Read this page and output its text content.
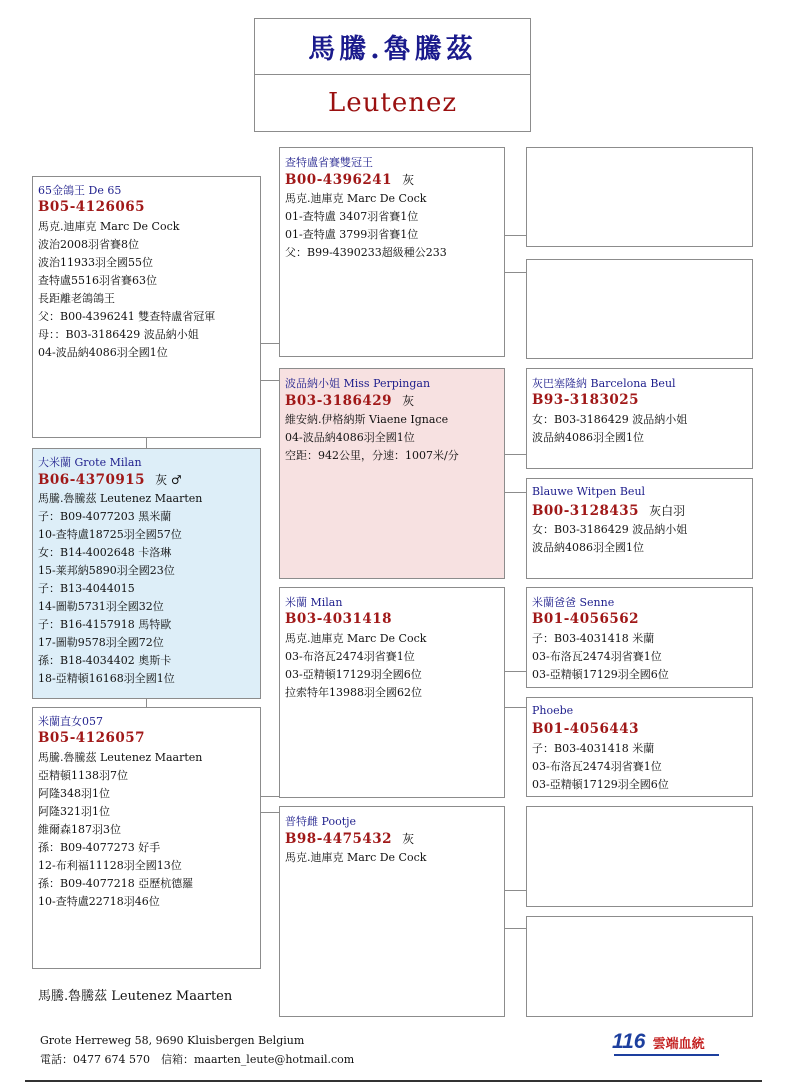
馬騰.魯騰茲
Leutenez
65金鴿王 De 65
B05-4126065
馬克.迪庫克 Marc De Cock
波治2008羽省賽8位
波治11933羽全國55位
查特盧5516羽省賽63位
長距離老鴿鴿王
父：B00-4396241 雙查特盧省冠軍
母：：B03-3186429 波品納小姐
04-波品納4086羽全國1位
大米蘭 Grote Milan
B06-4370915 灰 ♂
馬騰.魯騰茲 Leutenez Maarten
子：B09-4077203 黑米蘭
10-查特盧18725羽全國57位
女：B14-4002648 卡洛琳
15-莱邦納5890羽全國23位
子：B13-4044015
14-圖勒5731羽全國32位
子：B16-4157918 馬特歐
17-圖勒9578羽全國72位
孫：B18-4034402 奧斯卡
18-亞精頓16168羽全國1位
米蘭直女057
B05-4126057
馬騰.魯騰茲 Leutenez Maarten
亞精頓1138羽7位
阿隆348羽1位
阿隆321羽1位
維爾森187羽3位
孫：B09-4077273 好手
12-布利福11128羽全國13位
孫：B09-4077218 亞歷杭德羅
10-查特盧22718羽46位
馬騰.魯騰茲 Leutenez Maarten
查特盧省賽雙冠王
B00-4396241 灰
馬克.迪庫克 Marc De Cock
01-查特盧 3407羽省賽1位
01-查特盧 3799羽省賽1位
父：B99-4390233超級種公233
波品納小姐 Miss Perpingan
B03-3186429 灰
維安納.伊格納斯 Viaene Ignace
04-波品納4086羽全國1位
空距：942公里，分速：1007米/分
米蘭 Milan
B03-4031418
馬克.迪庫克 Marc De Cock
03-布洛瓦2474羽省賽1位
03-亞精頓17129羽全國6位
拉索特年13988羽全國62位
普特雌 Pootje
B98-4475432 灰
馬克.迪庫克 Marc De Cock
灰巴塞隆納 Barcelona Beul
B93-3183025
女：B03-3186429 波品納小姐
波品納4086羽全國1位
Blauwe Witpen Beul
B00-3128435 灰白羽
女：B03-3186429 波品納小姐
波品納4086羽全國1位
米蘭爸爸 Senne
B01-4056562
子：B03-4031418 米蘭
03-布洛瓦2474羽省賽1位
03-亞精頓17129羽全國6位
Phoebe
B01-4056443
子：B03-4031418 米蘭
03-布洛瓦2474羽省賽1位
03-亞精頓17129羽全國6位
Grote Herreweg 58, 9690 Kluisbergen Belgium
電話：0477 674 570　信箱：maarten_leute@hotmail.com
116 雲端血統
